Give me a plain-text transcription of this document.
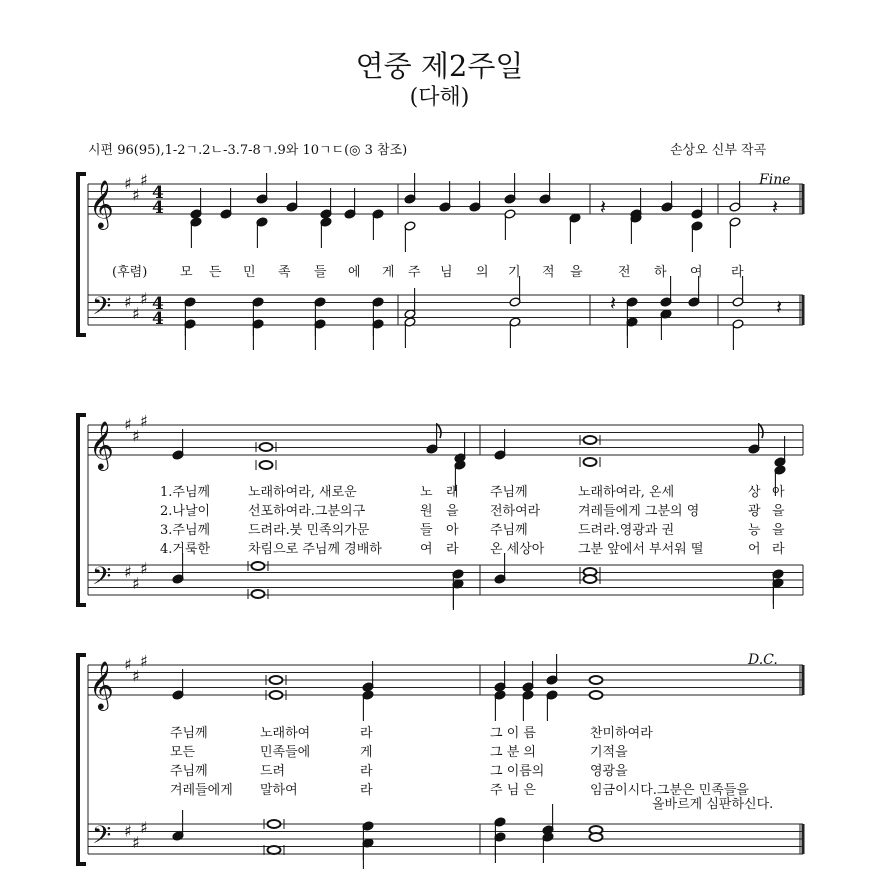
연중 제2주일
(다해)
시편 96(95),1-2ㄱ.2ㄴ-3.7-8ㄱ.9와 10ㄱㄷ(◎ 3 참조)	손상오 신부 작곡
𝄞
𝄢
♯
♯
♯
♯
♯
♯
4
4
4
4
𝄽	𝄽
𝄽	𝄽
𝄞
𝄢
♯
♯
♯
♯
♯
♯
𝄞
𝄢
♯
♯
♯
♯
♯
♯
Fine
D.C.
(후렴)	모 든 민 족 들 에 게 주 님 의 기 적 을	전 하 여 라
1.주님께	노래하여라, 새로운	노 래 주님께	노래하여라, 온세	상 아
2.나날이	선포하여라.그분의구	원 을 전하여라	겨레들에게 그분의 영	광 을
3.주님께	드려라.붓 민족의가문	들 아 주님께	드려라.영광과 권	능 을
4.거룩한	차림으로 주님께 경배하	여 라 온 세상아	그분 앞에서 부서워 떨	어 라
주님께	노래하여	라	그 이 름	찬미하여라
모든	민족들에	게	그 분 의	기적을
주님께	드려	라	그 이름의	영광을
겨레들에게 말하여	라	주 님 은	임금이시다.그분은 민족들을
올바르게 심판하신다.
